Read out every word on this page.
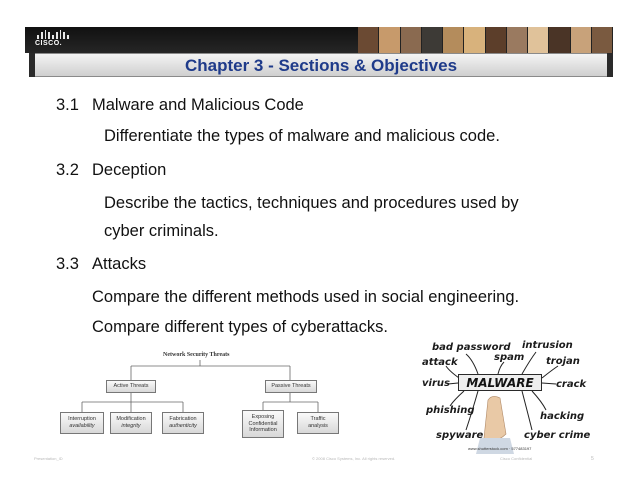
CISCO.
Chapter 3 - Sections & Objectives
3.1 Malware and Malicious Code
Differentiate the types of malware and malicious code.
3.2 Deception
Describe the tactics, techniques and procedures used by
cyber criminals.
3.3 Attacks
Compare the different methods used in social engineering.
Compare different types of cyberattacks.
Network Security Threats
Active Threats	Passive Threats
Interruption
availability
Modification
integrity
Fabrication
authenticity
Exposing Confidential Information
Traffic analysis
bad password intrusion
spam
attack	trojan
virus	crack
MALWARE
phishing
hacking
spyware	cyber crime
www.shutterstock.com · 577483197
Presentation_ID	© 2008 Cisco Systems, Inc. All rights reserved.	Cisco Confidential	5
